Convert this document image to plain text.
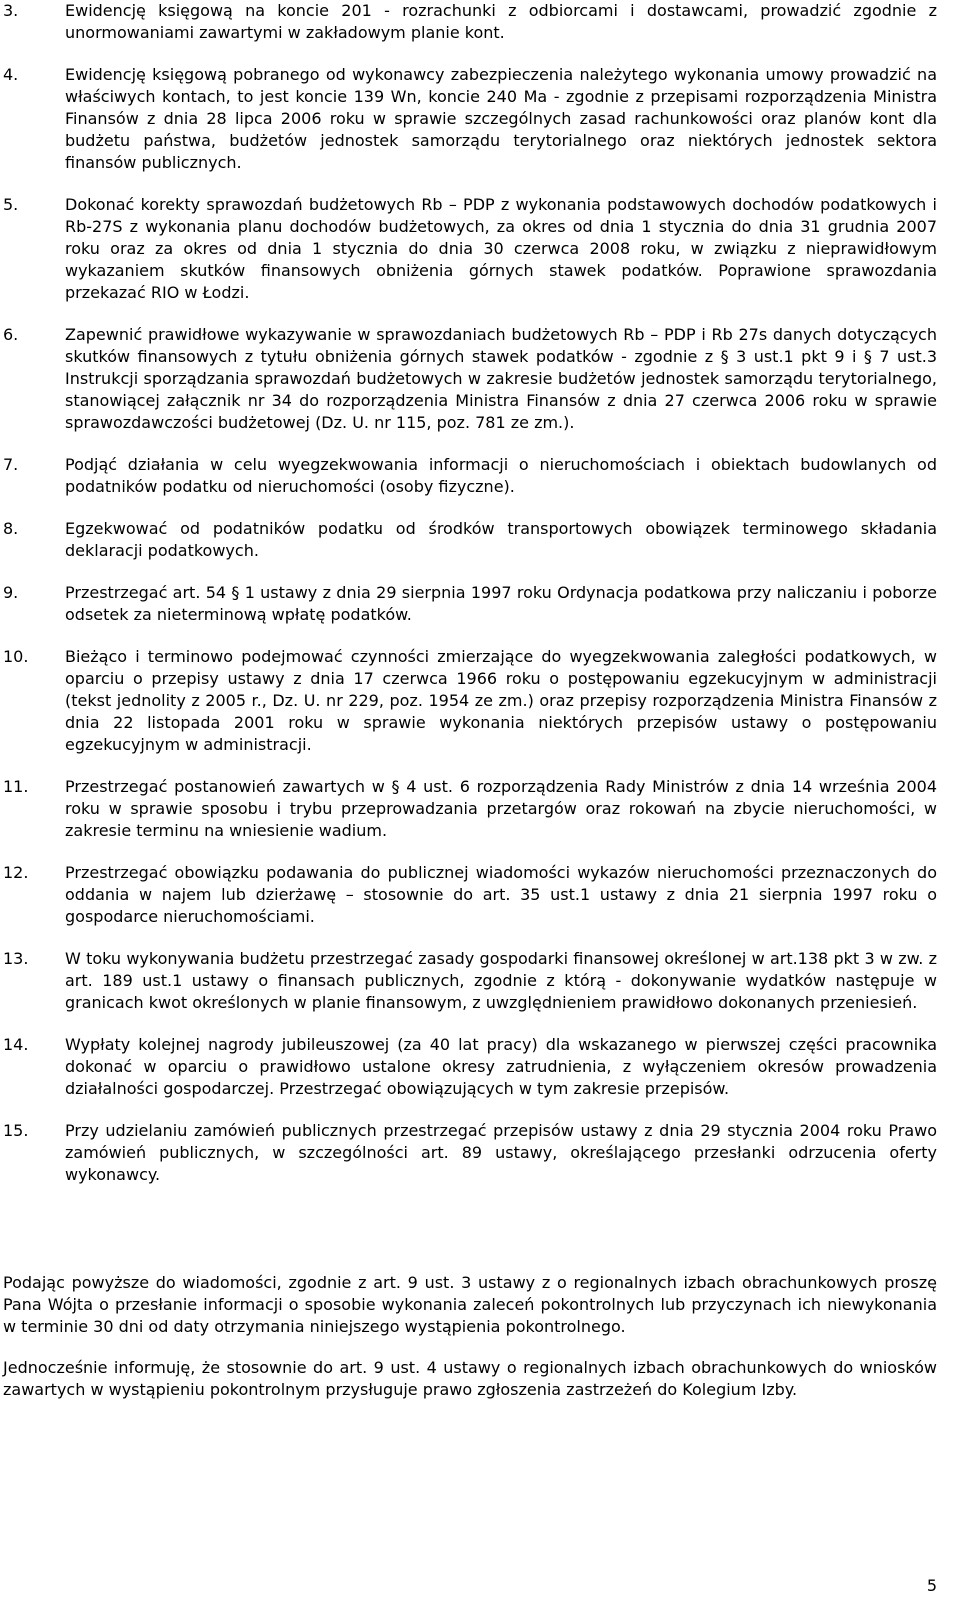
3.	Ewidencję księgową na koncie 201 - rozrachunki z odbiorcami i dostawcami, prowadzić zgodnie z unormowaniami zawartymi w zakładowym planie kont.
4.	Ewidencję księgową pobranego od wykonawcy zabezpieczenia należytego wykonania umowy prowadzić na właściwych kontach, to jest koncie 139 Wn, koncie 240 Ma - zgodnie z przepisami rozporządzenia Ministra Finansów z dnia 28 lipca 2006 roku w sprawie szczególnych zasad rachunkowości oraz planów kont dla budżetu państwa, budżetów jednostek samorządu terytorialnego oraz niektórych jednostek sektora finansów publicznych.
5.	Dokonać korekty sprawozdań budżetowych Rb – PDP z wykonania podstawowych dochodów podatkowych i Rb-27S z wykonania planu dochodów budżetowych, za okres od dnia 1 stycznia do dnia 31 grudnia 2007 roku oraz za okres od dnia 1 stycznia do dnia 30 czerwca 2008 roku, w związku z nieprawidłowym wykazaniem skutków finansowych obniżenia górnych stawek podatków. Poprawione sprawozdania przekazać RIO w Łodzi.
6.	Zapewnić prawidłowe wykazywanie w sprawozdaniach budżetowych Rb – PDP i Rb 27s danych dotyczących skutków finansowych z tytułu obniżenia górnych stawek podatków - zgodnie z § 3 ust.1 pkt 9 i § 7 ust.3 Instrukcji sporządzania sprawozdań budżetowych w zakresie budżetów jednostek samorządu terytorialnego, stanowiącej załącznik nr 34 do rozporządzenia Ministra Finansów z dnia 27 czerwca 2006 roku w sprawie sprawozdawczości budżetowej (Dz. U. nr 115, poz. 781 ze zm.).
7.	Podjąć działania w celu wyegzekwowania informacji o nieruchomościach i obiektach budowlanych od podatników podatku od nieruchomości (osoby fizyczne).
8.	Egzekwować od podatników podatku od środków transportowych obowiązek terminowego składania deklaracji podatkowych.
9.	Przestrzegać art. 54 § 1 ustawy z dnia 29 sierpnia 1997 roku Ordynacja podatkowa przy naliczaniu i poborze odsetek za nieterminową wpłatę podatków.
10. Bieżąco i terminowo podejmować czynności zmierzające do wyegzekwowania zaległości podatkowych, w oparciu o przepisy ustawy z dnia 17 czerwca 1966 roku o postępowaniu egzekucyjnym w administracji (tekst jednolity z 2005 r., Dz. U. nr 229, poz. 1954 ze zm.) oraz przepisy rozporządzenia Ministra Finansów z dnia 22 listopada 2001 roku w sprawie wykonania niektórych przepisów ustawy o postępowaniu egzekucyjnym w administracji.
11. Przestrzegać postanowień zawartych w § 4 ust. 6 rozporządzenia Rady Ministrów z dnia 14 września 2004 roku w sprawie sposobu i trybu przeprowadzania przetargów oraz rokowań na zbycie nieruchomości, w zakresie terminu na wniesienie wadium.
12. Przestrzegać obowiązku podawania do publicznej wiadomości wykazów nieruchomości przeznaczonych do oddania w najem lub dzierżawę – stosownie do art. 35 ust.1 ustawy z dnia 21 sierpnia 1997 roku o gospodarce nieruchomościami.
13. W toku wykonywania budżetu przestrzegać zasady gospodarki finansowej określonej w art.138 pkt 3 w zw. z art. 189 ust.1 ustawy o finansach publicznych, zgodnie z którą - dokonywanie wydatków następuje w granicach kwot określonych w planie finansowym, z uwzględnieniem prawidłowo dokonanych przeniesień.
14. Wypłaty kolejnej nagrody jubileuszowej (za 40 lat pracy) dla wskazanego w pierwszej części pracownika dokonać w oparciu o prawidłowo ustalone okresy zatrudnienia, z wyłączeniem okresów prowadzenia działalności gospodarczej. Przestrzegać obowiązujących w tym zakresie przepisów.
15. Przy udzielaniu zamówień publicznych przestrzegać przepisów ustawy z dnia 29 stycznia 2004 roku Prawo zamówień publicznych, w szczególności art. 89 ustawy, określającego przesłanki odrzucenia oferty wykonawcy.

Podając powyższe do wiadomości, zgodnie z art. 9 ust. 3 ustawy z o regionalnych izbach obrachunkowych proszę Pana Wójta o przesłanie informacji o sposobie wykonania zaleceń pokontrolnych lub przyczynach ich niewykonania w terminie 30 dni od daty otrzymania niniejszego wystąpienia pokontrolnego.

Jednocześnie informuję, że stosownie do art. 9 ust. 4 ustawy o regionalnych izbach obrachunkowych do wniosków zawartych w wystąpieniu pokontrolnym przysługuje prawo zgłoszenia zastrzeżeń do Kolegium Izby.

5
